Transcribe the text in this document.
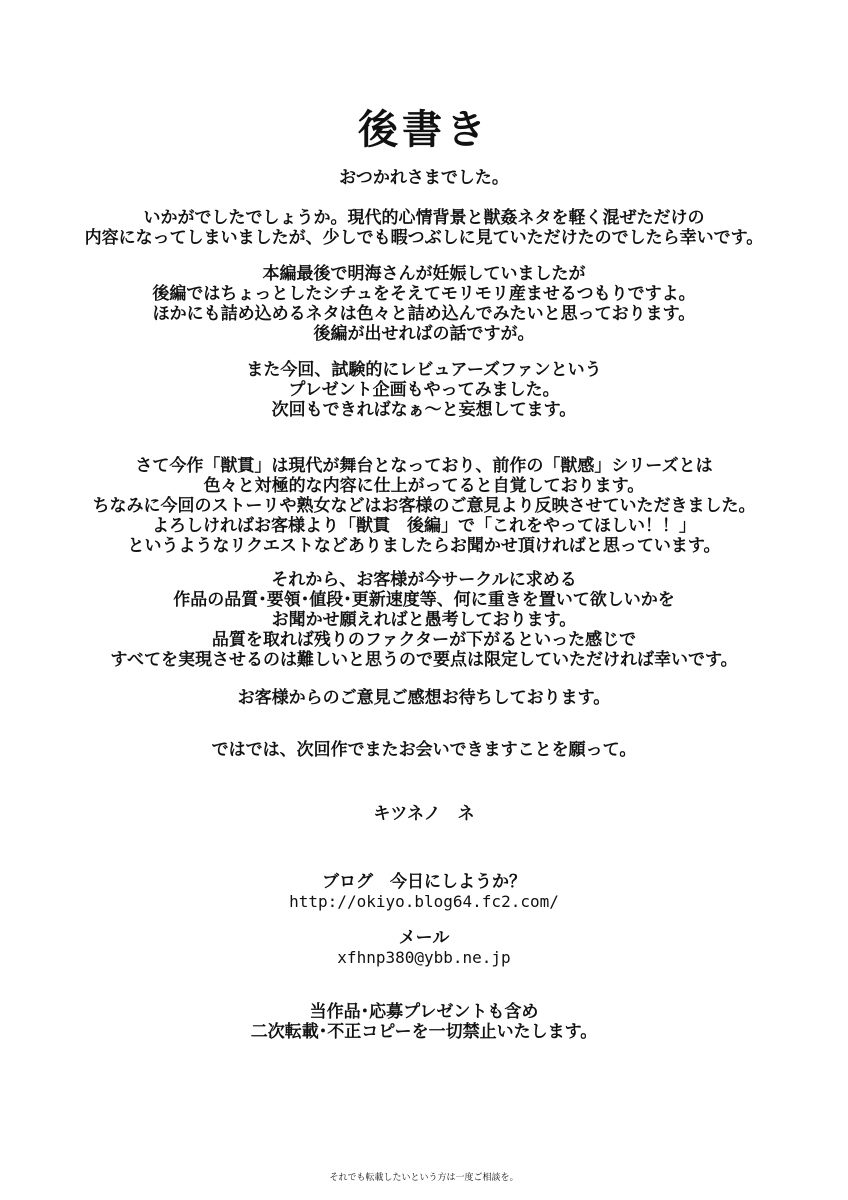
後書き
おつかれさまでした。
いかがでしたでしょうか。現代的心情背景と獣姦ネタを軽く混ぜただけの
内容になってしまいましたが、少しでも暇つぶしに見ていただけたのでしたら幸いです。
本編最後で明海さんが妊娠していましたが
後編ではちょっとしたシチュをそえてモリモリ産ませるつもりですよ。
ほかにも詰め込めるネタは色々と詰め込んでみたいと思っております。
後編が出せればの話ですが。
また今回、試験的にレビュアーズファンという
プレゼント企画もやってみました。
次回もできればなぁ～と妄想してます。
さて今作「獣貫」は現代が舞台となっており、前作の「獣感」シリーズとは
色々と対極的な内容に仕上がってると自覚しております。
ちなみに今回のストーリや熟女などはお客様のご意見より反映させていただきました。
よろしければお客様より「獣貫　後編」で「これをやってほしい！！」
というようなリクエストなどありましたらお聞かせ頂ければと思っています。
それから、お客様が今サークルに求める
作品の品質･要領･値段･更新速度等、何に重きを置いて欲しいかを
お聞かせ願えればと愚考しております。
品質を取れば残りのファクターが下がるといった感じで
すべてを実現させるのは難しいと思うので要点は限定していただければ幸いです。
お客様からのご意見ご感想お待ちしております。
ではでは、次回作でまたお会いできますことを願って。
キツネノ　ネ
ブログ　今日にしようか？
http://okiyo.blog64.fc2.com/
メール
xfhnp380@ybb.ne.jp
当作品･応募プレゼントも含め
二次転載･不正コピーを一切禁止いたします。
それでも転載したいという方は一度ご相談を。
